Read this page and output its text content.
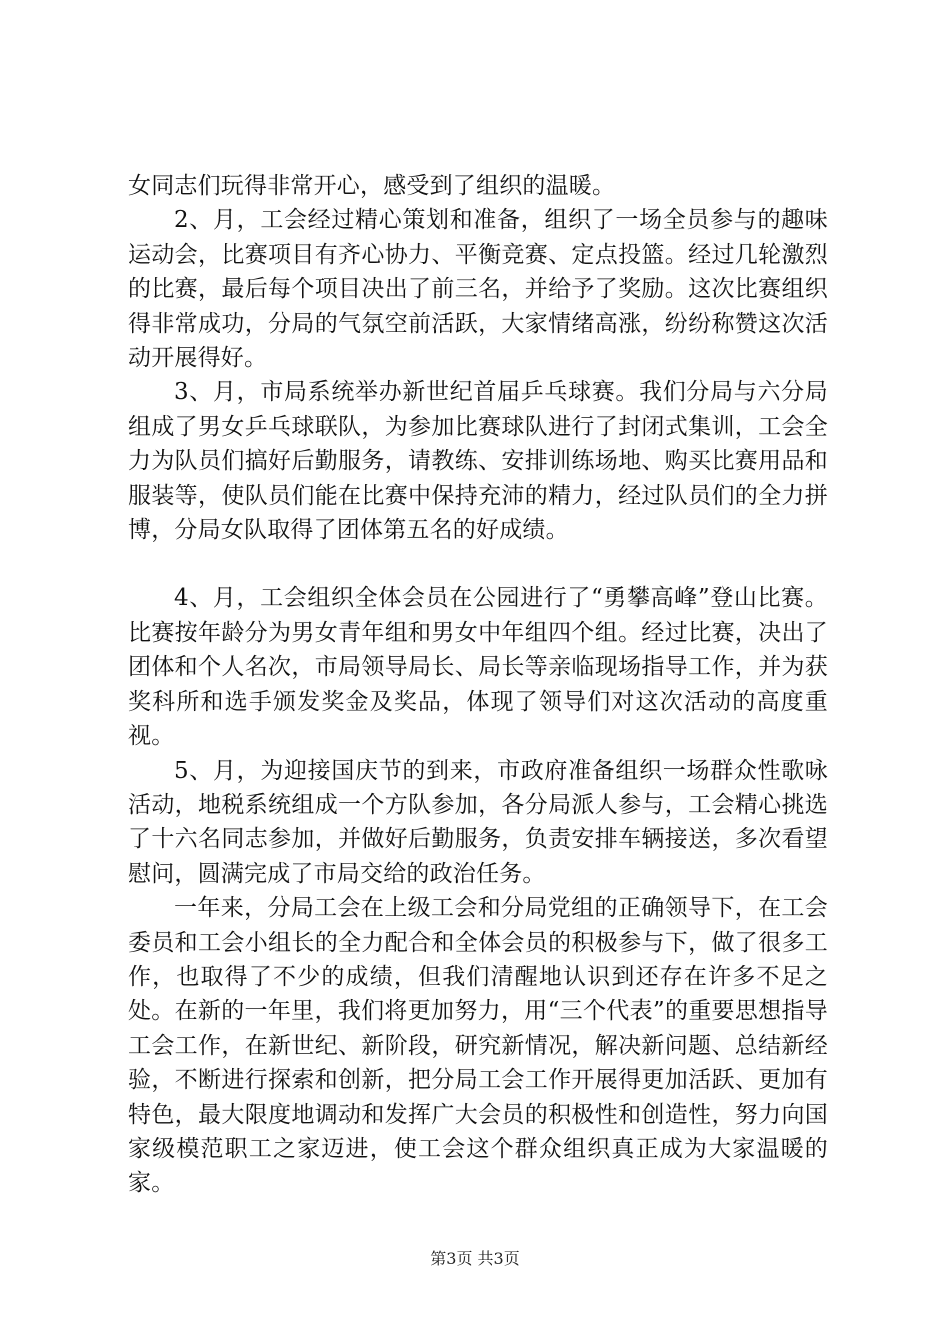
女同志们玩得非常开心，感受到了组织的温暖。

2、月，工会经过精心策划和准备，组织了一场全员参与的趣味运动会，比赛项目有齐心协力、平衡竞赛、定点投篮。经过几轮激烈的比赛，最后每个项目决出了前三名，并给予了奖励。这次比赛组织得非常成功，分局的气氛空前活跃，大家情绪高涨，纷纷称赞这次活动开展得好。

3、月，市局系统举办新世纪首届乒乓球赛。我们分局与六分局组成了男女乒乓球联队，为参加比赛球队进行了封闭式集训，工会全力为队员们搞好后勤服务，请教练、安排训练场地、购买比赛用品和服装等，使队员们能在比赛中保持充沛的精力，经过队员们的全力拼博，分局女队取得了团体第五名的好成绩。

4、月，工会组织全体会员在公园进行了“勇攀高峰”登山比赛。比赛按年龄分为男女青年组和男女中年组四个组。经过比赛，决出了团体和个人名次，市局领导局长、局长等亲临现场指导工作，并为获奖科所和选手颁发奖金及奖品，体现了领导们对这次活动的高度重视。

5、月，为迎接国庆节的到来，市政府准备组织一场群众性歌咏活动，地税系统组成一个方队参加，各分局派人参与，工会精心挑选了十六名同志参加，并做好后勤服务，负责安排车辆接送，多次看望慰问，圆满完成了市局交给的政治任务。

一年来，分局工会在上级工会和分局党组的正确领导下，在工会委员和工会小组长的全力配合和全体会员的积极参与下，做了很多工作，也取得了不少的成绩，但我们清醒地认识到还存在许多不足之处。在新的一年里，我们将更加努力，用“三个代表”的重要思想指导工会工作，在新世纪、新阶段，研究新情况，解决新问题、总结新经验，不断进行探索和创新，把分局工会工作开展得更加活跃、更加有特色，最大限度地调动和发挥广大会员的积极性和创造性，努力向国家级模范职工之家迈进，使工会这个群众组织真正成为大家温暖的家。

第3页 共3页
